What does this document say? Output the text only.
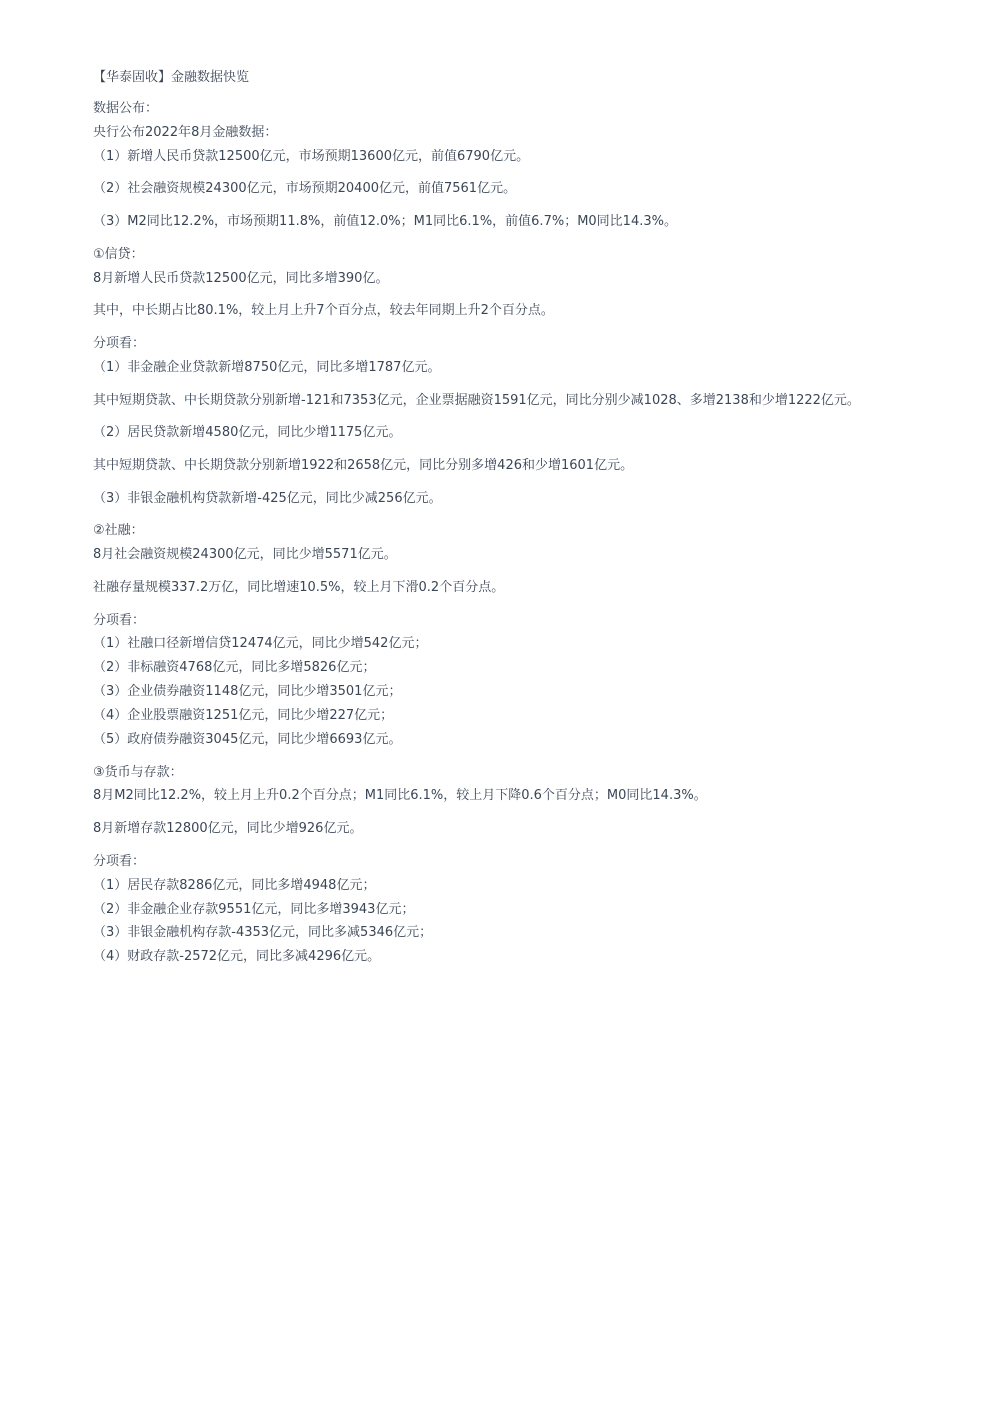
【华泰固收】金融数据快览
数据公布：
央行公布2022年8月金融数据：
（1）新增人民币贷款12500亿元，市场预期13600亿元，前值6790亿元。
（2）社会融资规模24300亿元，市场预期20400亿元，前值7561亿元。
（3）M2同比12.2%，市场预期11.8%，前值12.0%；M1同比6.1%，前值6.7%；M0同比14.3%。
①信贷：
8月新增人民币贷款12500亿元，同比多增390亿。
其中，中长期占比80.1%，较上月上升7个百分点，较去年同期上升2个百分点。
分项看：
（1）非金融企业贷款新增8750亿元，同比多增1787亿元。
其中短期贷款、中长期贷款分别新增-121和7353亿元，企业票据融资1591亿元，同比分别少减1028、多增2138和少增1222亿元。
（2）居民贷款新增4580亿元，同比少增1175亿元。
其中短期贷款、中长期贷款分别新增1922和2658亿元，同比分别多增426和少增1601亿元。
（3）非银金融机构贷款新增-425亿元，同比少减256亿元。
②社融：
8月社会融资规模24300亿元，同比少增5571亿元。
社融存量规模337.2万亿，同比增速10.5%，较上月下滑0.2个百分点。
分项看：
（1）社融口径新增信贷12474亿元，同比少增542亿元；
（2）非标融资4768亿元，同比多增5826亿元；
（3）企业债券融资1148亿元，同比少增3501亿元；
（4）企业股票融资1251亿元，同比少增227亿元；
（5）政府债券融资3045亿元，同比少增6693亿元。
③货币与存款：
8月M2同比12.2%，较上月上升0.2个百分点；M1同比6.1%，较上月下降0.6个百分点；M0同比14.3%。
8月新增存款12800亿元，同比少增926亿元。
分项看：
（1）居民存款8286亿元，同比多增4948亿元；
（2）非金融企业存款9551亿元，同比多增3943亿元；
（3）非银金融机构存款-4353亿元，同比多减5346亿元；
（4）财政存款-2572亿元，同比多减4296亿元。
